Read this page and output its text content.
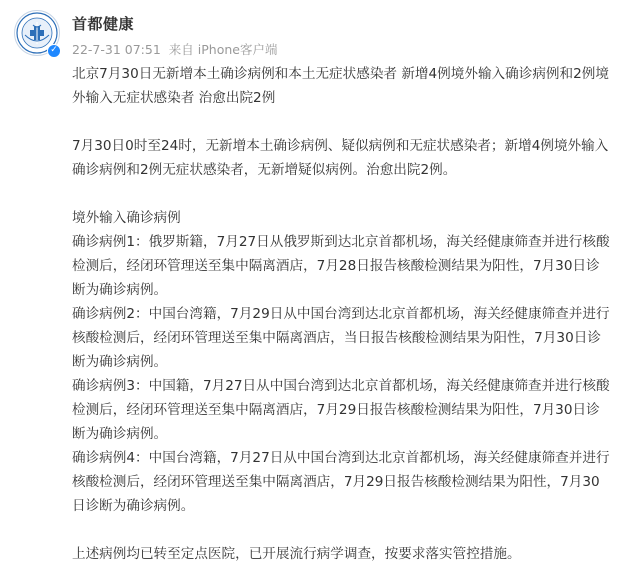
✓
首都健康
22-7-31 07:51 来自 iPhone客户端

北京7月30日无新增本土确诊病例和本土无症状感染者 新增4例境外输入确诊病例和2例境外输入无症状感染者 治愈出院2例

7月30日0时至24时，无新增本土确诊病例、疑似病例和无症状感染者；新增4例境外输入确诊病例和2例无症状感染者，无新增疑似病例。治愈出院2例。

境外输入确诊病例

确诊病例1：俄罗斯籍，7月27日从俄罗斯到达北京首都机场，海关经健康筛查并进行核酸检测后，经闭环管理送至集中隔离酒店，7月28日报告核酸检测结果为阳性，7月30日诊断为确诊病例。

确诊病例2：中国台湾籍，7月29日从中国台湾到达北京首都机场，海关经健康筛查并进行核酸检测后，经闭环管理送至集中隔离酒店，当日报告核酸检测结果为阳性，7月30日诊断为确诊病例。

确诊病例3：中国籍，7月27日从中国台湾到达北京首都机场，海关经健康筛查并进行核酸检测后，经闭环管理送至集中隔离酒店，7月29日报告核酸检测结果为阳性，7月30日诊断为确诊病例。

确诊病例4：中国台湾籍，7月27日从中国台湾到达北京首都机场，海关经健康筛查并进行核酸检测后，经闭环管理送至集中隔离酒店，7月29日报告核酸检测结果为阳性，7月30日诊断为确诊病例。

上述病例均已转至定点医院，已开展流行病学调查，按要求落实管控措施。
